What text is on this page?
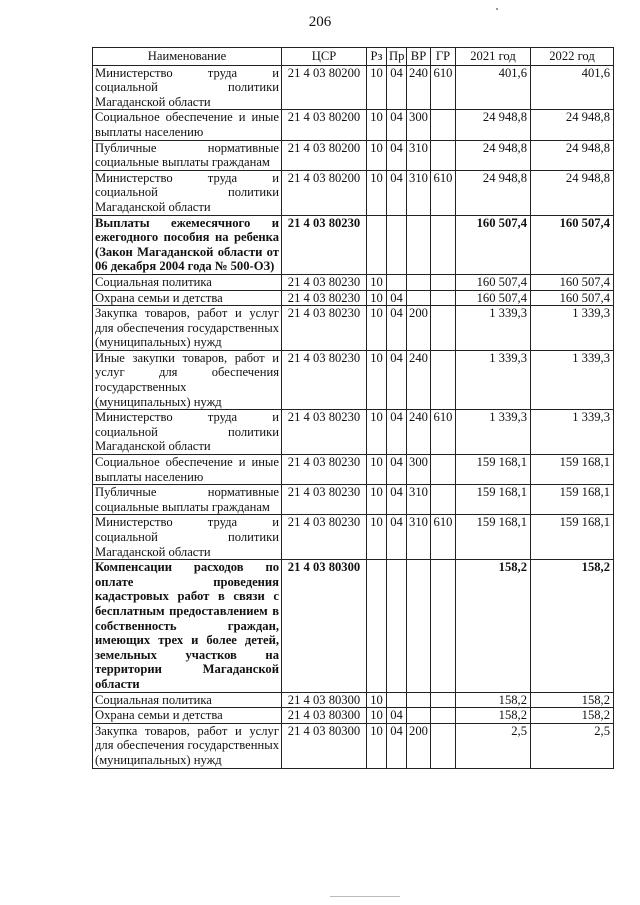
206
Наименование	ЦСР	Рз	Пр	ВР	ГР	2021 год	2022 год
Министерство труда и социальной политики Магаданской области	21 4 03 80200	10	04	240	610	401,6	401,6
Социальное обеспечение и иные выплаты населению	21 4 03 80200	10	04	300		24 948,8	24 948,8
Публичные нормативные социальные выплаты гражданам	21 4 03 80200	10	04	310		24 948,8	24 948,8
Министерство труда и социальной политики Магаданской области	21 4 03 80200	10	04	310	610	24 948,8	24 948,8
Выплаты ежемесячного и ежегодного пособия на ребенка (Закон Магаданской области от 06 декабря 2004 года № 500-ОЗ)	21 4 03 80230					160 507,4	160 507,4
Социальная политика	21 4 03 80230	10				160 507,4	160 507,4
Охрана семьи и детства	21 4 03 80230	10	04			160 507,4	160 507,4
Закупка товаров, работ и услуг для обеспечения государственных (муниципальных) нужд	21 4 03 80230	10	04	200		1 339,3	1 339,3
Иные закупки товаров, работ и услуг для обеспечения государственных (муниципальных) нужд	21 4 03 80230	10	04	240		1 339,3	1 339,3
Министерство труда и социальной политики Магаданской области	21 4 03 80230	10	04	240	610	1 339,3	1 339,3
Социальное обеспечение и иные выплаты населению	21 4 03 80230	10	04	300		159 168,1	159 168,1
Публичные нормативные социальные выплаты гражданам	21 4 03 80230	10	04	310		159 168,1	159 168,1
Министерство труда и социальной политики Магаданской области	21 4 03 80230	10	04	310	610	159 168,1	159 168,1
Компенсации расходов по оплате проведения кадастровых работ в связи с бесплатным предоставлением в собственность граждан, имеющих трех и более детей, земельных участков на территории Магаданской области	21 4 03 80300					158,2	158,2
Социальная политика	21 4 03 80300	10				158,2	158,2
Охрана семьи и детства	21 4 03 80300	10	04			158,2	158,2
Закупка товаров, работ и услуг для обеспечения государственных (муниципальных) нужд	21 4 03 80300	10	04	200		2,5	2,5
